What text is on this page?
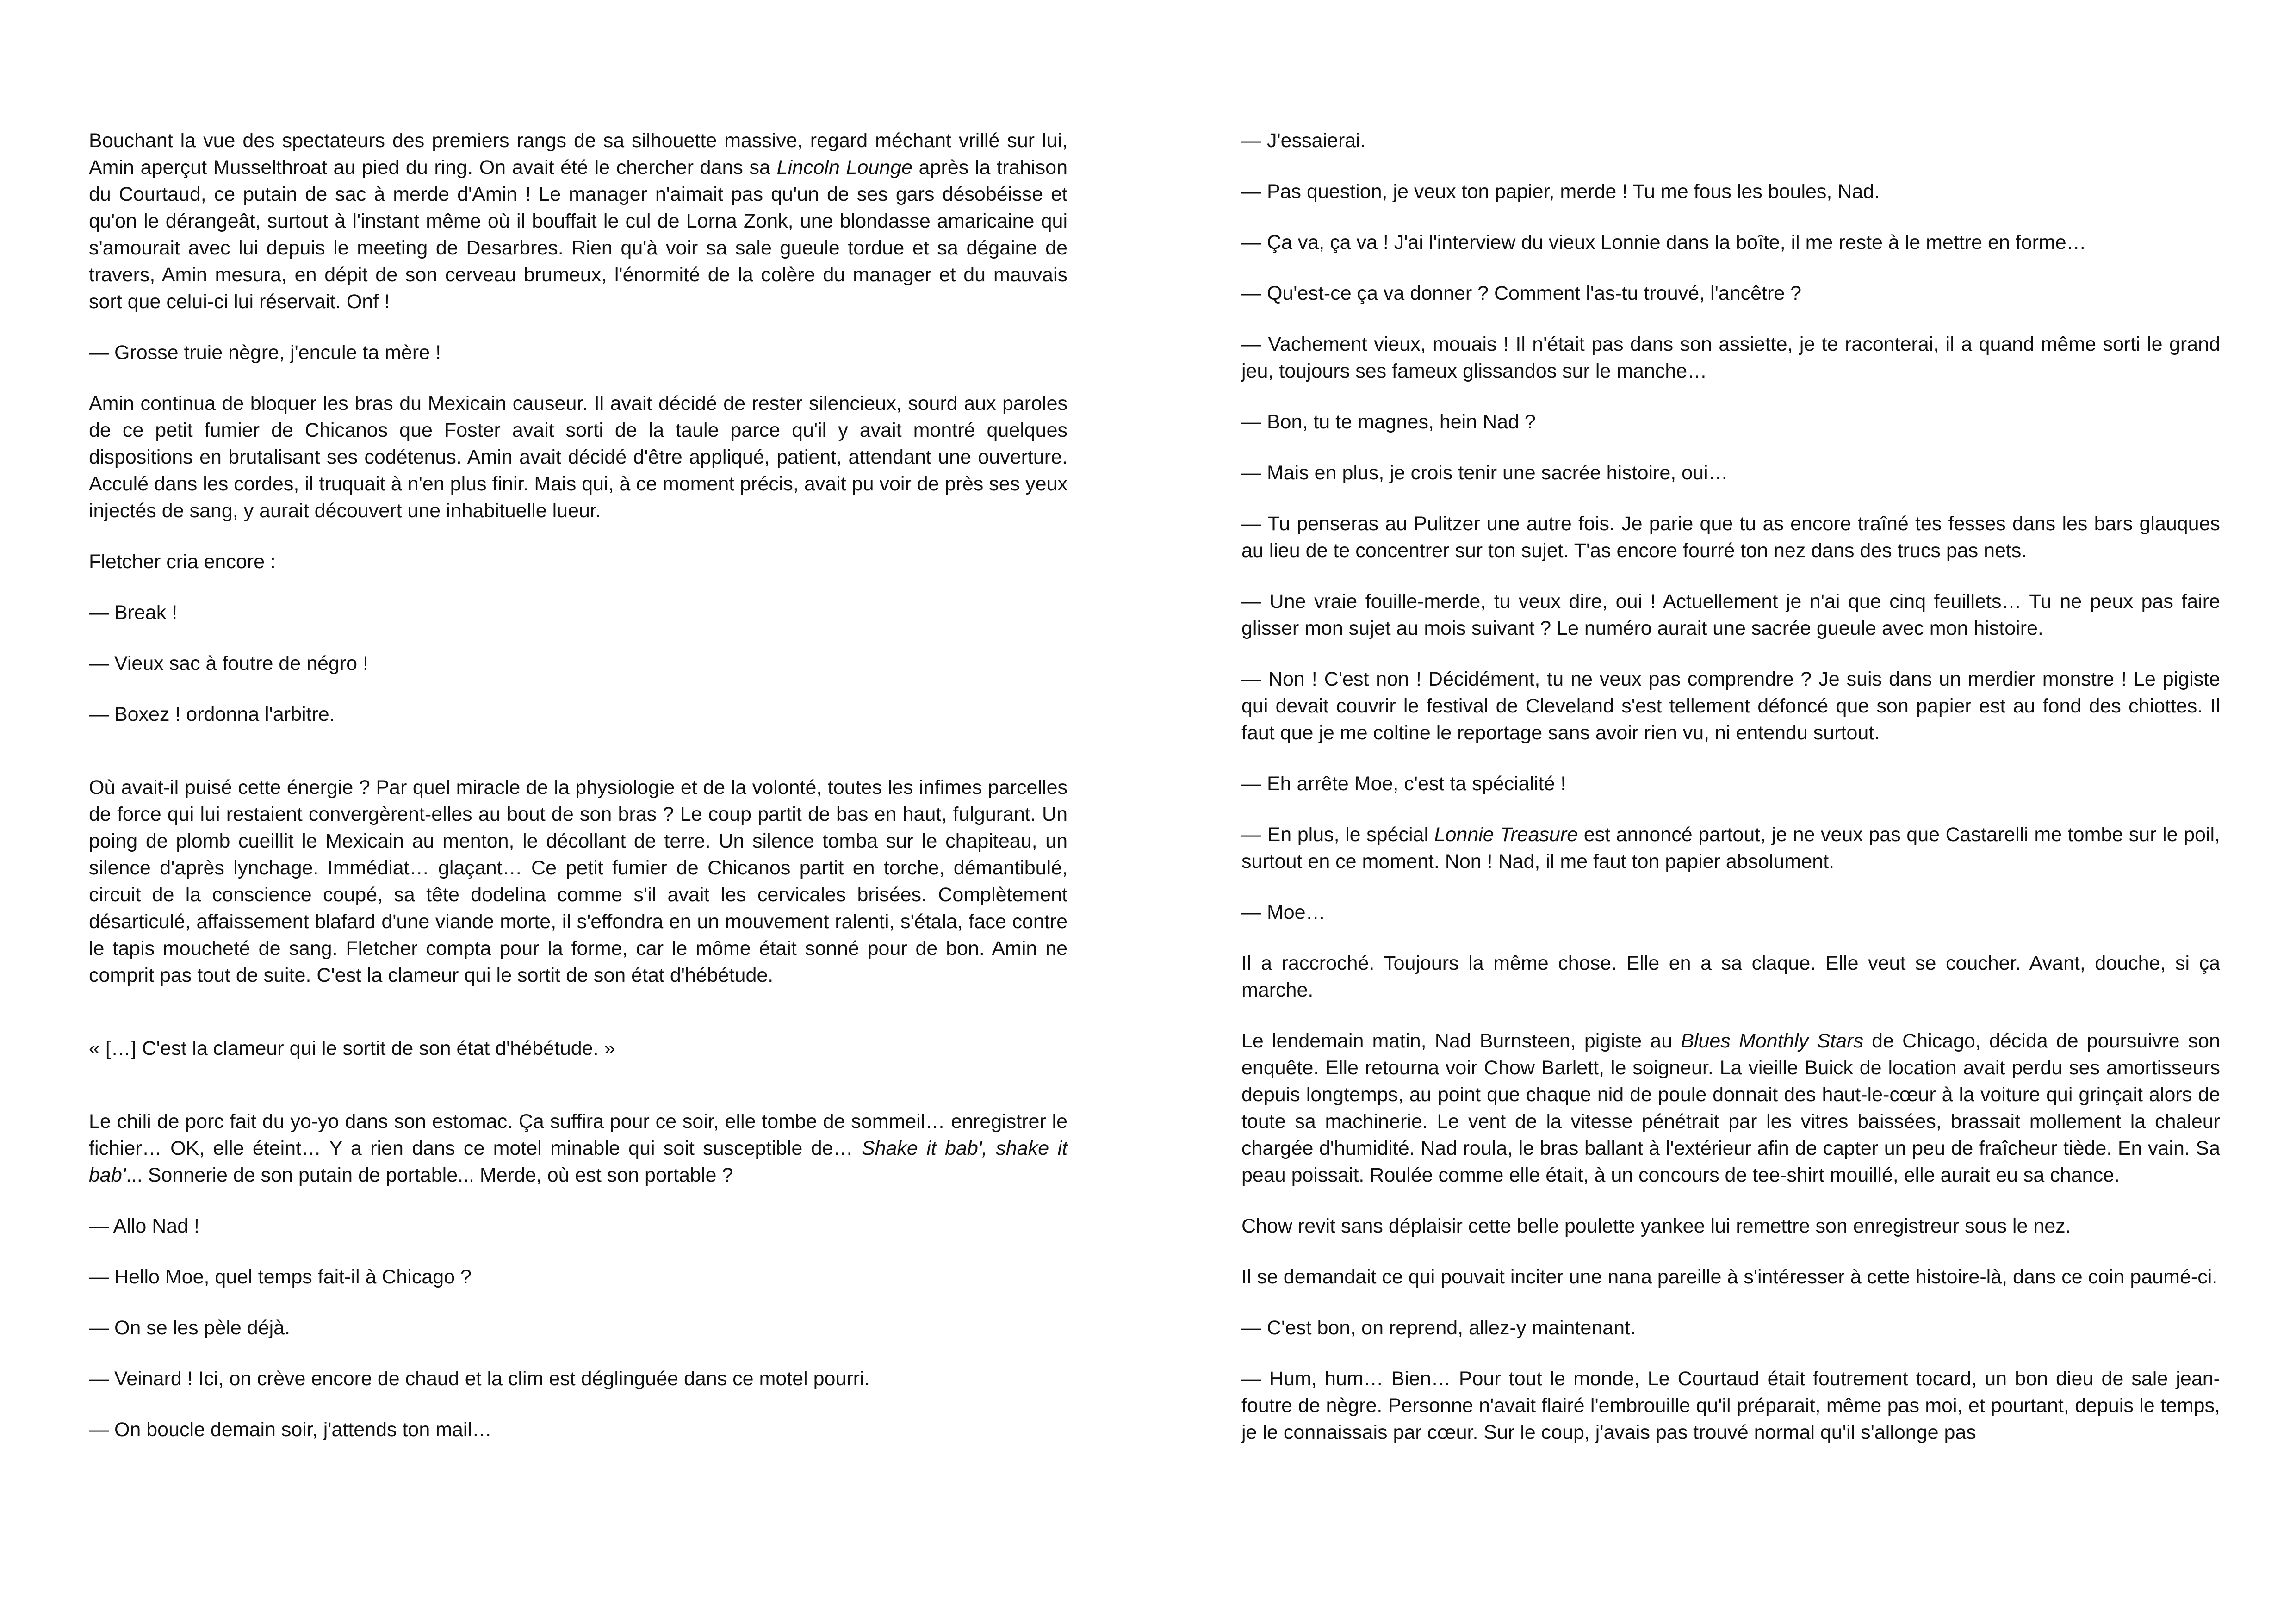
Bouchant la vue des spectateurs des premiers rangs de sa silhouette massive, regard méchant vrillé sur lui, Amin aperçut Musselthroat au pied du ring. On avait été le chercher dans sa Lincoln Lounge après la trahison du Courtaud, ce putain de sac à merde d'Amin ! Le manager n'aimait pas qu'un de ses gars désobéisse et qu'on le dérangeât, surtout à l'instant même où il bouffait le cul de Lorna Zonk, une blondasse amaricaine qui s'amourait avec lui depuis le meeting de Desarbres. Rien qu'à voir sa sale gueule tordue et sa dégaine de travers, Amin mesura, en dépit de son cerveau brumeux, l'énormité de la colère du manager et du mauvais sort que celui-ci lui réservait. Onf !

— Grosse truie nègre, j'encule ta mère !

Amin continua de bloquer les bras du Mexicain causeur. Il avait décidé de rester silencieux, sourd aux paroles de ce petit fumier de Chicanos que Foster avait sorti de la taule parce qu'il y avait montré quelques dispositions en brutalisant ses codétenus. Amin avait décidé d'être appliqué, patient, attendant une ouverture. Acculé dans les cordes, il truquait à n'en plus finir. Mais qui, à ce moment précis, avait pu voir de près ses yeux injectés de sang, y aurait découvert une inhabituelle lueur.

Fletcher cria encore :

— Break !

— Vieux sac à foutre de négro !

— Boxez ! ordonna l'arbitre.

Où avait-il puisé cette énergie ? Par quel miracle de la physiologie et de la volonté, toutes les infimes parcelles de force qui lui restaient convergèrent-elles au bout de son bras ? Le coup partit de bas en haut, fulgurant. Un poing de plomb cueillit le Mexicain au menton, le décollant de terre. Un silence tomba sur le chapiteau, un silence d'après lynchage. Immédiat… glaçant… Ce petit fumier de Chicanos partit en torche, démantibulé, circuit de la conscience coupé, sa tête dodelina comme s'il avait les cervicales brisées. Complètement désarticulé, affaissement blafard d'une viande morte, il s'effondra en un mouvement ralenti, s'étala, face contre le tapis moucheté de sang. Fletcher compta pour la forme, car le môme était sonné pour de bon. Amin ne comprit pas tout de suite. C'est la clameur qui le sortit de son état d'hébétude.

« […] C'est la clameur qui le sortit de son état d'hébétude. »

Le chili de porc fait du yo-yo dans son estomac. Ça suffira pour ce soir, elle tombe de sommeil… enregistrer le fichier… OK, elle éteint… Y a rien dans ce motel minable qui soit susceptible de… Shake it bab', shake it bab'... Sonnerie de son putain de portable... Merde, où est son portable ?

— Allo Nad !

— Hello Moe, quel temps fait-il à Chicago ?

— On se les pèle déjà.

— Veinard ! Ici, on crève encore de chaud et la clim est déglinguée dans ce motel pourri.

— On boucle demain soir, j'attends ton mail…

— J'essaierai.

— Pas question, je veux ton papier, merde ! Tu me fous les boules, Nad.

— Ça va, ça va ! J'ai l'interview du vieux Lonnie dans la boîte, il me reste à le mettre en forme…

— Qu'est-ce ça va donner ? Comment l'as-tu trouvé, l'ancêtre ?

— Vachement vieux, mouais ! Il n'était pas dans son assiette, je te raconterai, il a quand même sorti le grand jeu, toujours ses fameux glissandos sur le manche…

— Bon, tu te magnes, hein Nad ?

— Mais en plus, je crois tenir une sacrée histoire, oui…

— Tu penseras au Pulitzer une autre fois. Je parie que tu as encore traîné tes fesses dans les bars glauques au lieu de te concentrer sur ton sujet. T'as encore fourré ton nez dans des trucs pas nets.

— Une vraie fouille-merde, tu veux dire, oui ! Actuellement je n'ai que cinq feuillets… Tu ne peux pas faire glisser mon sujet au mois suivant ? Le numéro aurait une sacrée gueule avec mon histoire.

— Non ! C'est non ! Décidément, tu ne veux pas comprendre ? Je suis dans un merdier monstre ! Le pigiste qui devait couvrir le festival de Cleveland s'est tellement défoncé que son papier est au fond des chiottes. Il faut que je me coltine le reportage sans avoir rien vu, ni entendu surtout.

— Eh arrête Moe, c'est ta spécialité !

— En plus, le spécial Lonnie Treasure est annoncé partout, je ne veux pas que Castarelli me tombe sur le poil, surtout en ce moment. Non ! Nad, il me faut ton papier absolument.

— Moe…

Il a raccroché. Toujours la même chose. Elle en a sa claque. Elle veut se coucher. Avant, douche, si ça marche.

Le lendemain matin, Nad Burnsteen, pigiste au Blues Monthly Stars de Chicago, décida de poursuivre son enquête. Elle retourna voir Chow Barlett, le soigneur. La vieille Buick de location avait perdu ses amortisseurs depuis longtemps, au point que chaque nid de poule donnait des haut-le-cœur à la voiture qui grinçait alors de toute sa machinerie. Le vent de la vitesse pénétrait par les vitres baissées, brassait mollement la chaleur chargée d'humidité. Nad roula, le bras ballant à l'extérieur afin de capter un peu de fraîcheur tiède. En vain. Sa peau poissait. Roulée comme elle était, à un concours de tee-shirt mouillé, elle aurait eu sa chance.

Chow revit sans déplaisir cette belle poulette yankee lui remettre son enregistreur sous le nez.

Il se demandait ce qui pouvait inciter une nana pareille à s'intéresser à cette histoire-là, dans ce coin paumé-ci.

— C'est bon, on reprend, allez-y maintenant.

— Hum, hum… Bien… Pour tout le monde, Le Courtaud était foutrement tocard, un bon dieu de sale jean-foutre de nègre. Personne n'avait flairé l'embrouille qu'il préparait, même pas moi, et pourtant, depuis le temps, je le connaissais par cœur. Sur le coup, j'avais pas trouvé normal qu'il s'allonge pas
